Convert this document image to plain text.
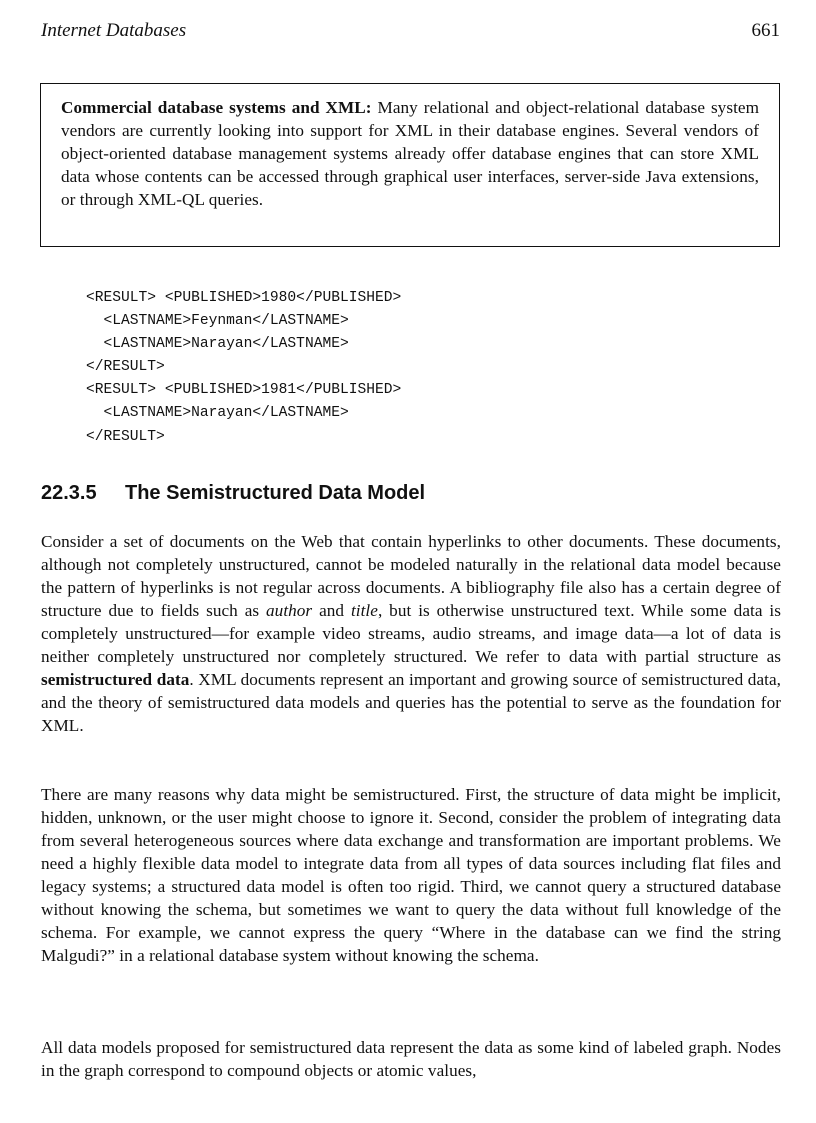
Internet Databases	661

Commercial database systems and XML: Many relational and object-relational database system vendors are currently looking into support for XML in their database engines. Several vendors of object-oriented database management systems already offer database engines that can store XML data whose contents can be accessed through graphical user interfaces, server-side Java extensions, or through XML-QL queries.

<RESULT> <PUBLISHED>1980</PUBLISHED>
<LASTNAME>Feynman</LASTNAME>
<LASTNAME>Narayan</LASTNAME>
</RESULT>
<RESULT> <PUBLISHED>1981</PUBLISHED>
<LASTNAME>Narayan</LASTNAME>
</RESULT>
22.3.5 The Semistructured Data Model

Consider a set of documents on the Web that contain hyperlinks to other documents. These documents, although not completely unstructured, cannot be modeled naturally in the relational data model because the pattern of hyperlinks is not regular across documents. A bibliography file also has a certain degree of structure due to fields such as author and title, but is otherwise unstructured text. While some data is completely unstructured—for example video streams, audio streams, and image data—a lot of data is neither completely unstructured nor completely structured. We refer to data with partial structure as semistructured data. XML documents represent an important and growing source of semistructured data, and the theory of semistructured data models and queries has the potential to serve as the foundation for XML.

There are many reasons why data might be semistructured. First, the structure of data might be implicit, hidden, unknown, or the user might choose to ignore it. Second, consider the problem of integrating data from several heterogeneous sources where data exchange and transformation are important problems. We need a highly flexible data model to integrate data from all types of data sources including flat files and legacy systems; a structured data model is often too rigid. Third, we cannot query a structured database without knowing the schema, but sometimes we want to query the data without full knowledge of the schema. For example, we cannot express the query “Where in the database can we find the string Malgudi?” in a relational database system without knowing the schema.

All data models proposed for semistructured data represent the data as some kind of labeled graph. Nodes in the graph correspond to compound objects or atomic values,
